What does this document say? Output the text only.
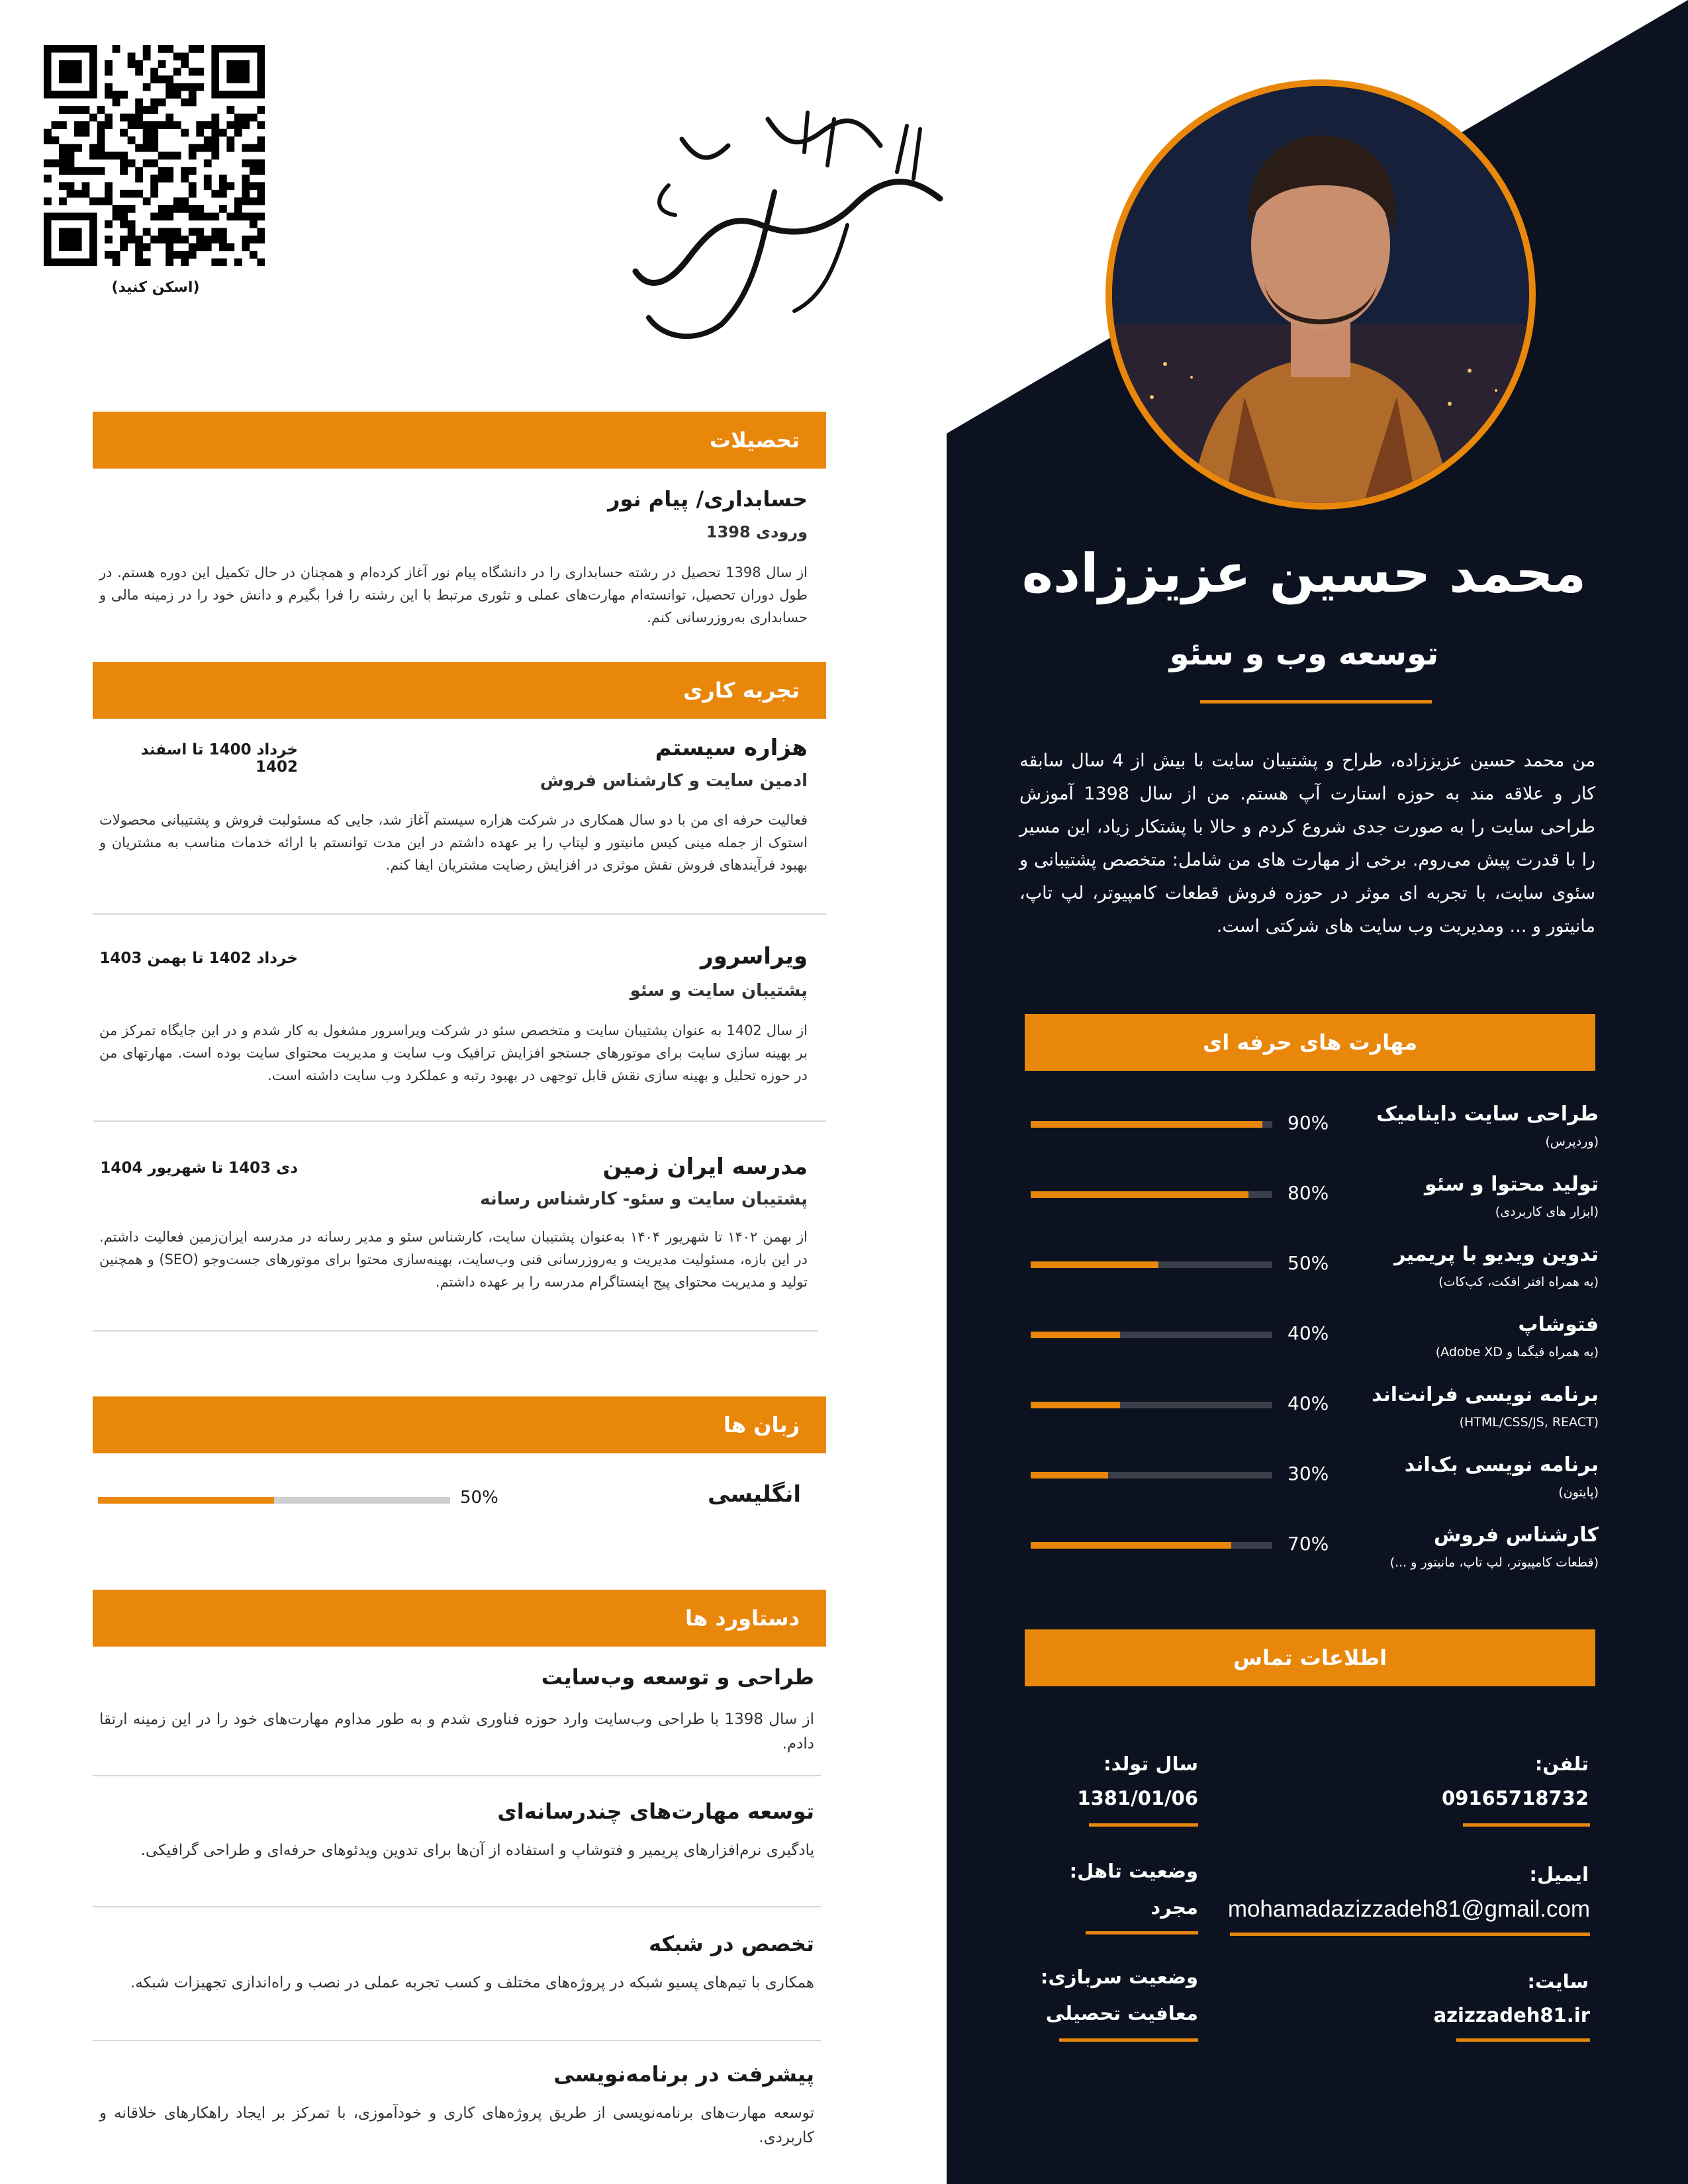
(اسکن کنید)
محمد حسین عزیززاده
توسعه وب و سئو
من محمد حسین عزیززاده، طراح و پشتیبان سایت با بیش از 4 سال سابقه کار و علاقه مند به حوزه استارت آپ هستم. من از سال 1398 آموزش طراحی سایت را به صورت جدی شروع کردم و حالا با پشتکار زیاد، این مسیر را با قدرت پیش می‌روم. برخی از مهارت های من شامل: متخصص پشتیبانی و سئوی سایت، با تجربه ای موثر در حوزه فروش قطعات کامپیوتر، لپ تاپ، مانیتور و ... ومدیریت وب سایت های شرکتی است.
مهارت های حرفه ای
طراحی سایت داینامیک
(وردپرس)
90%
تولید محتوا و سئو
(ابزار های کاربردی)
80%
تدوین ویدیو با پریمیر
(به همراه افتر افکت، کپ‌کات)
50%
فتوشاپ
(به همراه فیگما و Adobe XD)
40%
برنامه نویسی فرانت‌اند
(HTML/CSS/JS, REACT)
40%
برنامه نویسی بک‌اند
(پایتون)
30%
کارشناس فروش
(قطعات کامپیوتر، لپ تاپ، مانیتور و ...)
70%
اطلاعات تماس
تلفن:
09165718732
ایمیل:
mohamadazizzadeh81@gmail.com
سایت:
azizzadeh81.ir
سال تولد:
1381/01/06
وضعیت تاهل:
مجرد
وضعیت سربازی:
معافیت تحصیلی
تحصیلات
حسابداری/ پیام نور
ورودی 1398
از سال 1398 تحصیل در رشته حسابداری را در دانشگاه پیام نور آغاز کرده‌ام و همچنان در حال تکمیل این دوره هستم. در طول دوران تحصیل، توانسته‌ام مهارت‌های عملی و تئوری مرتبط با این رشته را فرا بگیرم و دانش خود را در زمینه مالی و حسابداری به‌روزرسانی کنم.
تجربه کاری
هزاره سیستم
خرداد 1400 تا اسفند 1402
ادمین سایت و کارشناس فروش
فعالیت حرفه ای من با دو سال همکاری در شرکت هزاره سیستم آغاز شد، جایی که مسئولیت فروش و پشتیبانی محصولات استوک از جمله مینی کیس مانیتور و لپتاپ را بر عهده داشتم در این مدت توانستم با ارائه خدمات مناسب به مشتریان و بهبود فرآیندهای فروش نقش موثری در افزایش رضایت مشتریان ایفا کنم.
ویراسرور
خرداد 1402 تا بهمن 1403
پشتیبان سایت و سئو
از سال 1402 به عنوان پشتیبان سایت و متخصص سئو در شرکت ویراسرور مشغول به کار شدم و در این جایگاه تمرکز من بر بهینه سازی سایت برای موتورهای جستجو افزایش ترافیک وب سایت و مدیریت محتوای سایت بوده است. مهارتهای من در حوزه تحلیل و بهینه سازی نقش قابل توجهی در بهبود رتبه و عملکرد وب سایت داشته است.
مدرسه ایران زمین
دی 1403 تا شهریور 1404
پشتیبان سایت و سئو- کارشناس رسانه
از بهمن ۱۴۰۲ تا شهریور ۱۴۰۴ به‌عنوان پشتیبان سایت، کارشناس سئو و مدیر رسانه در مدرسه ایران‌زمین فعالیت داشتم. در این بازه، مسئولیت مدیریت و به‌روزرسانی فنی وب‌سایت، بهینه‌سازی محتوا برای موتورهای جست‌وجو (SEO) و همچنین تولید و مدیریت محتوای پیج اینستاگرام مدرسه را بر عهده داشتم.
زبان ها
انگلیسی
50%
دستاورد ها
طراحی و توسعه وب‌سایت
از سال 1398 با طراحی وب‌سایت وارد حوزه فناوری شدم و به طور مداوم مهارت‌های خود را در این زمینه ارتقا دادم.
توسعه مهارت‌های چندرسانه‌ای
یادگیری نرم‌افزارهای پریمیر و فتوشاپ و استفاده از آن‌ها برای تدوین ویدئوهای حرفه‌ای و طراحی گرافیکی.
تخصص در شبکه
همکاری با تیم‌های پسیو شبکه در پروژه‌های مختلف و کسب تجربه عملی در نصب و راه‌اندازی تجهیزات شبکه.
پیشرفت در برنامه‌نویسی
توسعه مهارت‌های برنامه‌نویسی از طریق پروژه‌های کاری و خودآموزی، با تمرکز بر ایجاد راهکارهای خلاقانه و کاربردی.
